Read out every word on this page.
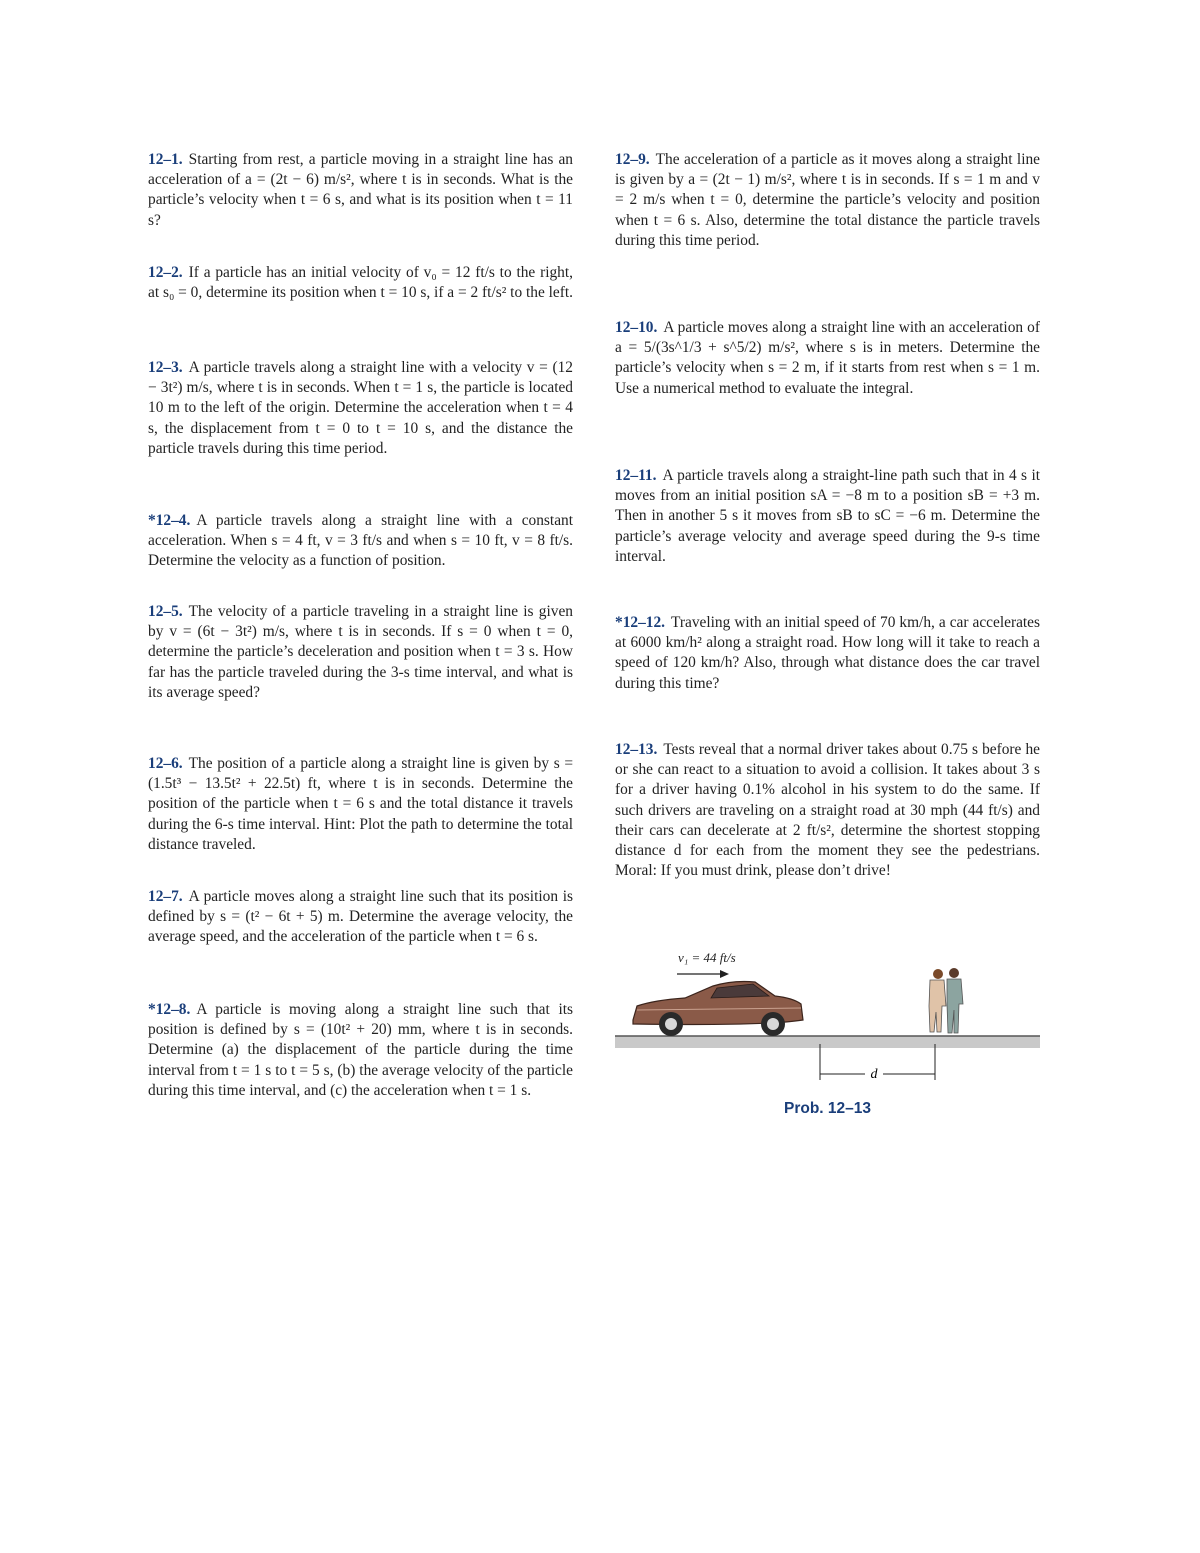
12–1. Starting from rest, a particle moving in a straight line has an acceleration of a = (2t − 6) m/s², where t is in seconds. What is the particle’s velocity when t = 6 s, and what is its position when t = 11 s?

12–2. If a particle has an initial velocity of v₀ = 12 ft/s to the right, at s₀ = 0, determine its position when t = 10 s, if a = 2 ft/s² to the left.

12–3. A particle travels along a straight line with a velocity v = (12 − 3t²) m/s, where t is in seconds. When t = 1 s, the particle is located 10 m to the left of the origin. Determine the acceleration when t = 4 s, the displacement from t = 0 to t = 10 s, and the distance the particle travels during this time period.

*12–4. A particle travels along a straight line with a constant acceleration. When s = 4 ft, v = 3 ft/s and when s = 10 ft, v = 8 ft/s. Determine the velocity as a function of position.

12–5. The velocity of a particle traveling in a straight line is given by v = (6t − 3t²) m/s, where t is in seconds. If s = 0 when t = 0, determine the particle’s deceleration and position when t = 3 s. How far has the particle traveled during the 3-s time interval, and what is its average speed?

12–6. The position of a particle along a straight line is given by s = (1.5t³ − 13.5t² + 22.5t) ft, where t is in seconds. Determine the position of the particle when t = 6 s and the total distance it travels during the 6-s time interval. Hint: Plot the path to determine the total distance traveled.

12–7. A particle moves along a straight line such that its position is defined by s = (t² − 6t + 5) m. Determine the average velocity, the average speed, and the acceleration of the particle when t = 6 s.

*12–8. A particle is moving along a straight line such that its position is defined by s = (10t² + 20) mm, where t is in seconds. Determine (a) the displacement of the particle during the time interval from t = 1 s to t = 5 s, (b) the average velocity of the particle during this time interval, and (c) the acceleration when t = 1 s.

12–9. The acceleration of a particle as it moves along a straight line is given by a = (2t − 1) m/s², where t is in seconds. If s = 1 m and v = 2 m/s when t = 0, determine the particle’s velocity and position when t = 6 s. Also, determine the total distance the particle travels during this time period.

12–10. A particle moves along a straight line with an acceleration of a = 5/(3s^1/3 + s^5/2) m/s², where s is in meters. Determine the particle’s velocity when s = 2 m, if it starts from rest when s = 1 m. Use a numerical method to evaluate the integral.

12–11. A particle travels along a straight-line path such that in 4 s it moves from an initial position sA = −8 m to a position sB = +3 m. Then in another 5 s it moves from sB to sC = −6 m. Determine the particle’s average velocity and average speed during the 9-s time interval.

*12–12. Traveling with an initial speed of 70 km/h, a car accelerates at 6000 km/h² along a straight road. How long will it take to reach a speed of 120 km/h? Also, through what distance does the car travel during this time?

12–13. Tests reveal that a normal driver takes about 0.75 s before he or she can react to a situation to avoid a collision. It takes about 3 s for a driver having 0.1% alcohol in his system to do the same. If such drivers are traveling on a straight road at 30 mph (44 ft/s) and their cars can decelerate at 2 ft/s², determine the shortest stopping distance d for each from the moment they see the pedestrians. Moral: If you must drink, please don’t drive!

v₁ = 44 ft/s
d
Prob. 12–13
